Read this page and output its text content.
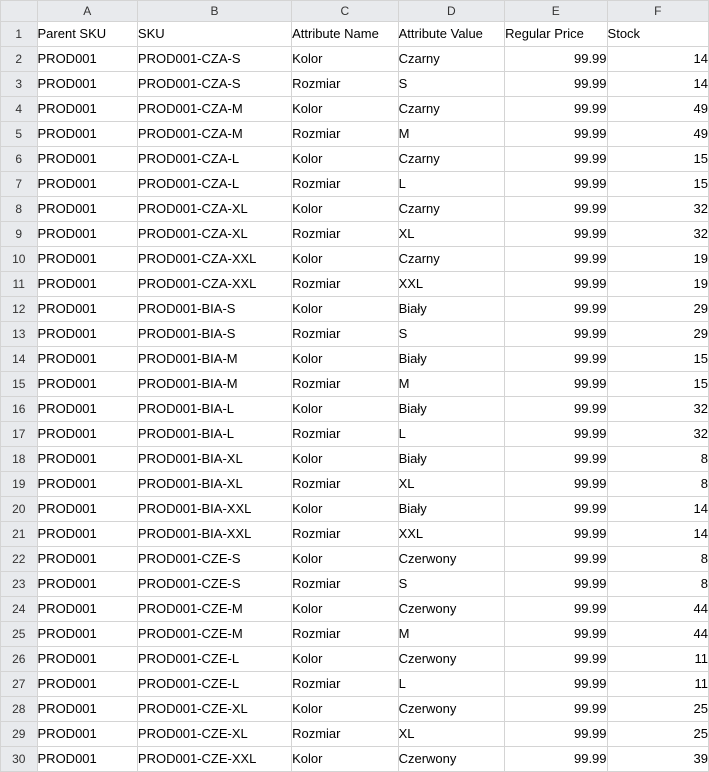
	A	B	C	D	E	F
1	Parent SKU	SKU	Attribute Name	Attribute Value	Regular Price	Stock
2	PROD001	PROD001-CZA-S	Kolor	Czarny	99.99	14
3	PROD001	PROD001-CZA-S	Rozmiar	S	99.99	14
4	PROD001	PROD001-CZA-M	Kolor	Czarny	99.99	49
5	PROD001	PROD001-CZA-M	Rozmiar	M	99.99	49
6	PROD001	PROD001-CZA-L	Kolor	Czarny	99.99	15
7	PROD001	PROD001-CZA-L	Rozmiar	L	99.99	15
8	PROD001	PROD001-CZA-XL	Kolor	Czarny	99.99	32
9	PROD001	PROD001-CZA-XL	Rozmiar	XL	99.99	32
10	PROD001	PROD001-CZA-XXL	Kolor	Czarny	99.99	19
11	PROD001	PROD001-CZA-XXL	Rozmiar	XXL	99.99	19
12	PROD001	PROD001-BIA-S	Kolor	Biały	99.99	29
13	PROD001	PROD001-BIA-S	Rozmiar	S	99.99	29
14	PROD001	PROD001-BIA-M	Kolor	Biały	99.99	15
15	PROD001	PROD001-BIA-M	Rozmiar	M	99.99	15
16	PROD001	PROD001-BIA-L	Kolor	Biały	99.99	32
17	PROD001	PROD001-BIA-L	Rozmiar	L	99.99	32
18	PROD001	PROD001-BIA-XL	Kolor	Biały	99.99	8
19	PROD001	PROD001-BIA-XL	Rozmiar	XL	99.99	8
20	PROD001	PROD001-BIA-XXL	Kolor	Biały	99.99	14
21	PROD001	PROD001-BIA-XXL	Rozmiar	XXL	99.99	14
22	PROD001	PROD001-CZE-S	Kolor	Czerwony	99.99	8
23	PROD001	PROD001-CZE-S	Rozmiar	S	99.99	8
24	PROD001	PROD001-CZE-M	Kolor	Czerwony	99.99	44
25	PROD001	PROD001-CZE-M	Rozmiar	M	99.99	44
26	PROD001	PROD001-CZE-L	Kolor	Czerwony	99.99	11
27	PROD001	PROD001-CZE-L	Rozmiar	L	99.99	11
28	PROD001	PROD001-CZE-XL	Kolor	Czerwony	99.99	25
29	PROD001	PROD001-CZE-XL	Rozmiar	XL	99.99	25
30	PROD001	PROD001-CZE-XXL	Kolor	Czerwony	99.99	39
